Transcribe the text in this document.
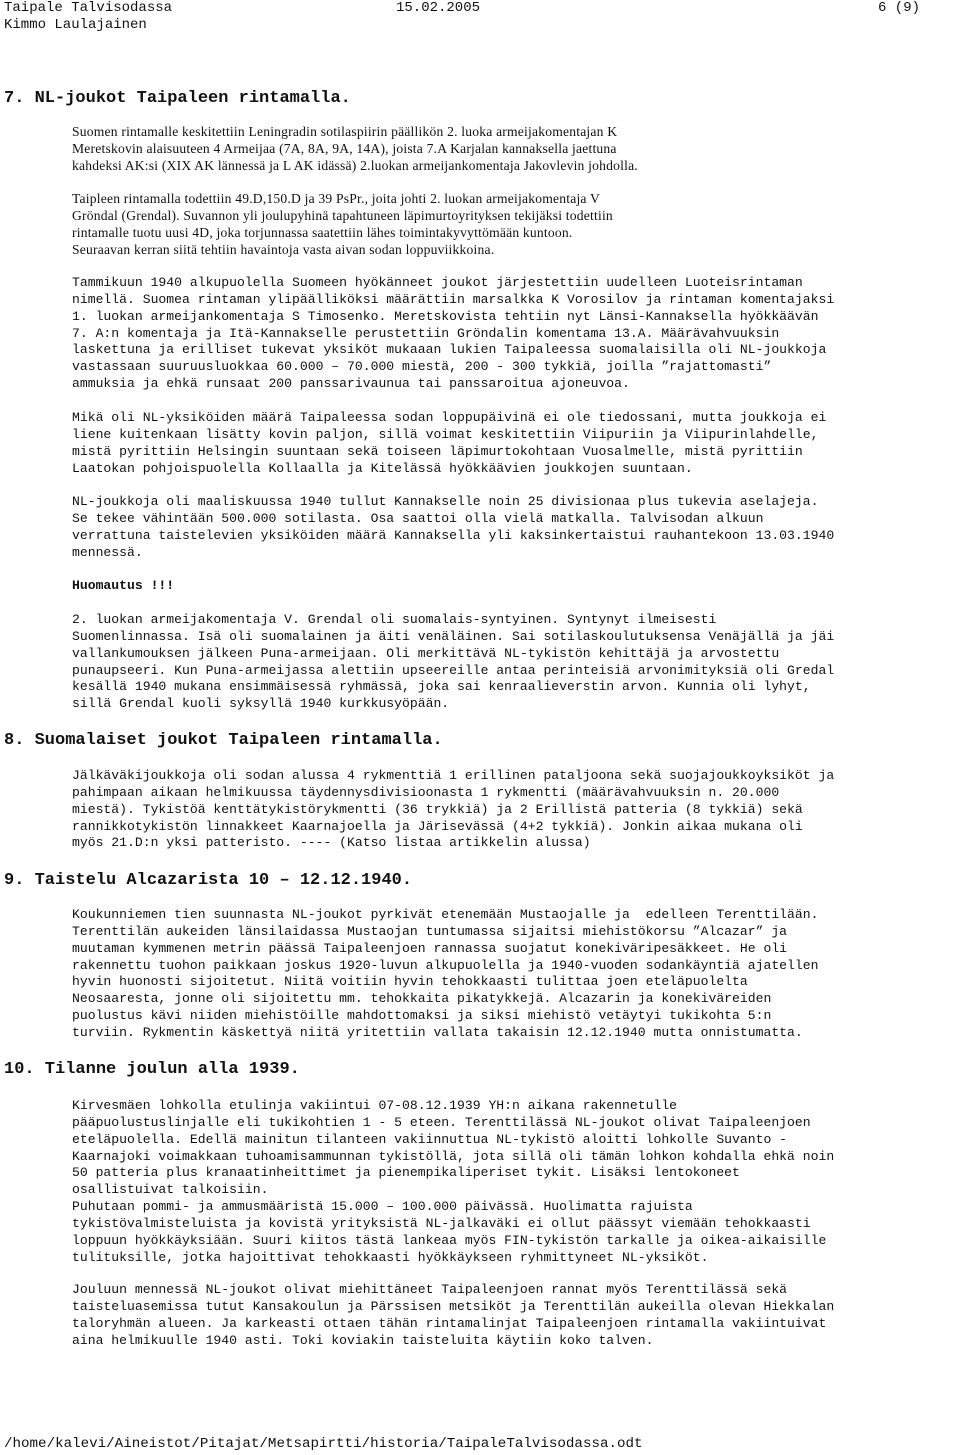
Taipale Talvisodassa

	15.02.2005

	6 (9)

Kimmo Laulajainen

7. NL-joukot Taipaleen rintamalla.
Suomen rintamalle keskitettiin Leningradin sotilaspiirin päällikön 2. luoka armeijakomentajan K
Meretskovin alaisuuteen 4 Armeijaa (7A, 8A, 9A, 14A), joista 7.A Karjalan kannaksella jaettuna
kahdeksi AK:si (XIX AK lännessä ja L AK idässä) 2.luokan armeijankomentaja Jakovlevin johdolla.
Taipleen rintamalla todettiin 49.D,150.D ja 39 PsPr., joita johti 2. luokan armeijakomentaja V
Gröndal (Grendal). Suvannon yli joulupyhinä tapahtuneen läpimurtoyrityksen tekijäksi todettiin
rintamalle tuotu uusi 4D, joka torjunnassa saatettiin lähes toimintakyvyttömään kuntoon.
Seuraavan kerran siitä tehtiin havaintoja vasta aivan sodan loppuviikkoina.
Tammikuun 1940 alkupuolella Suomeen hyökänneet joukot järjestettiin uudelleen Luoteisrintaman
nimellä. Suomea rintaman ylipäälliköksi määrättiin marsalkka K Vorosilov ja rintaman komentajaksi
1. luokan armeijankomentaja S Timosenko. Meretskovista tehtiin nyt Länsi-Kannaksella hyökkäävän
7. A:n komentaja ja Itä-Kannakselle perustettiin Gröndalin komentama 13.A. Määrävahvuuksin
laskettuna ja erilliset tukevat yksiköt mukaaan lukien Taipaleessa suomalaisilla oli NL-joukkoja
vastassaan suuruusluokkaa 60.000 – 70.000 miestä, 200 - 300 tykkiä, joilla ”rajattomasti”
ammuksia ja ehkä runsaat 200 panssarivaunua tai panssaroitua ajoneuvoa.
Mikä oli NL-yksiköiden määrä Taipaleessa sodan loppupäivinä ei ole tiedossani, mutta joukkoja ei
liene kuitenkaan lisätty kovin paljon, sillä voimat keskitettiin Viipuriin ja Viipurinlahdelle,
mistä pyrittiin Helsingin suuntaan sekä toiseen läpimurtokohtaan Vuosalmelle, mistä pyrittiin
Laatokan pohjoispuolella Kollaalla ja Kitelässä hyökkäävien joukkojen suuntaan.
NL-joukkoja oli maaliskuussa 1940 tullut Kannakselle noin 25 divisionaa plus tukevia aselajeja.
Se tekee vähintään 500.000 sotilasta. Osa saattoi olla vielä matkalla. Talvisodan alkuun
verrattuna taistelevien yksiköiden määrä Kannaksella yli kaksinkertaistui rauhantekoon 13.03.1940
mennessä.
Huomautus !!!
2. luokan armeijakomentaja V. Grendal oli suomalais-syntyinen. Syntynyt ilmeisesti
Suomenlinnassa. Isä oli suomalainen ja äiti venäläinen. Sai sotilaskoulutuksensa Venäjällä ja jäi
vallankumouksen jälkeen Puna-armeijaan. Oli merkittävä NL-tykistön kehittäjä ja arvostettu
punaupseeri. Kun Puna-armeijassa alettiin upseereille antaa perinteisiä arvonimityksiä oli Gredal
kesällä 1940 mukana ensimmäisessä ryhmässä, joka sai kenraalieverstin arvon. Kunnia oli lyhyt,
sillä Grendal kuoli syksyllä 1940 kurkkusyöpään.
8. Suomalaiset joukot Taipaleen rintamalla.
Jälkäväkijoukkoja oli sodan alussa 4 rykmenttiä 1 erillinen pataljoona sekä suojajoukkoyksiköt ja
pahimpaan aikaan helmikuussa täydennysdivisioonasta 1 rykmentti (määrävahvuuksin n. 20.000
miestä). Tykistöä kenttätykistörykmentti (36 trykkiä) ja 2 Erillistä patteria (8 tykkiä) sekä
rannikkotykistön linnakkeet Kaarnajoella ja Järisevässä (4+2 tykkiä). Jonkin aikaa mukana oli
myös 21.D:n yksi patteristo. ---- (Katso listaa artikkelin alussa)
9. Taistelu Alcazarista 10 – 12.12.1940.
Koukunniemen tien suunnasta NL-joukot pyrkivät etenemään Mustaojalle ja  edelleen Terenttilään.
Terenttilän aukeiden länsilaidassa Mustaojan tuntumassa sijaitsi miehistökorsu ”Alcazar” ja
muutaman kymmenen metrin päässä Taipaleenjoen rannassa suojatut konekiväripesäkkeet. He oli
rakennettu tuohon paikkaan joskus 1920-luvun alkupuolella ja 1940-vuoden sodankäyntiä ajatellen
hyvin huonosti sijoitetut. Niitä voitiin hyvin tehokkaasti tulittaa joen eteläpuolelta
Neosaaresta, jonne oli sijoitettu mm. tehokkaita pikatykkejä. Alcazarin ja konekiväreiden
puolustus kävi niiden miehistöille mahdottomaksi ja siksi miehistö vetäytyi tukikohta 5:n
turviin. Rykmentin käskettyä niitä yritettiin vallata takaisin 12.12.1940 mutta onnistumatta.
10. Tilanne joulun alla 1939.
Kirvesmäen lohkolla etulinja vakiintui 07-08.12.1939 YH:n aikana rakennetulle
pääpuolustuslinjalle eli tukikohtien 1 - 5 eteen. Terenttilässä NL-joukot olivat Taipaleenjoen
eteläpuolella. Edellä mainitun tilanteen vakiinnuttua NL-tykistö aloitti lohkolle Suvanto -
Kaarnajoki voimakkaan tuhoamisammunnan tykistöllä, jota sillä oli tämän lohkon kohdalla ehkä noin
50 patteria plus kranaatinheittimet ja pienempikaliperiset tykit. Lisäksi lentokoneet
osallistuivat talkoisiin.
Puhutaan pommi- ja ammusmääristä 15.000 – 100.000 päivässä. Huolimatta rajuista
tykistövalmisteluista ja kovistä yrityksistä NL-jalkaväki ei ollut päässyt viemään tehokkaasti
loppuun hyökkäyksiään. Suuri kiitos tästä lankeaa myös FIN-tykistön tarkalle ja oikea-aikaisille
tulituksille, jotka hajoittivat tehokkaasti hyökkäykseen ryhmittyneet NL-yksiköt.
Jouluun mennessä NL-joukot olivat miehittäneet Taipaleenjoen rannat myös Terenttilässä sekä
taisteluasemissa tutut Kansakoulun ja Pärssisen metsiköt ja Terenttilän aukeilla olevan Hiekkalan
taloryhmän alueen. Ja karkeasti ottaen tähän rintamalinjat Taipaleenjoen rintamalla vakiintuivat
aina helmikuulle 1940 asti. Toki koviakin taisteluita käytiin koko talven.
/home/kalevi/Aineistot/Pitajat/Metsapirtti/historia/TaipaleTalvisodassa.odt
